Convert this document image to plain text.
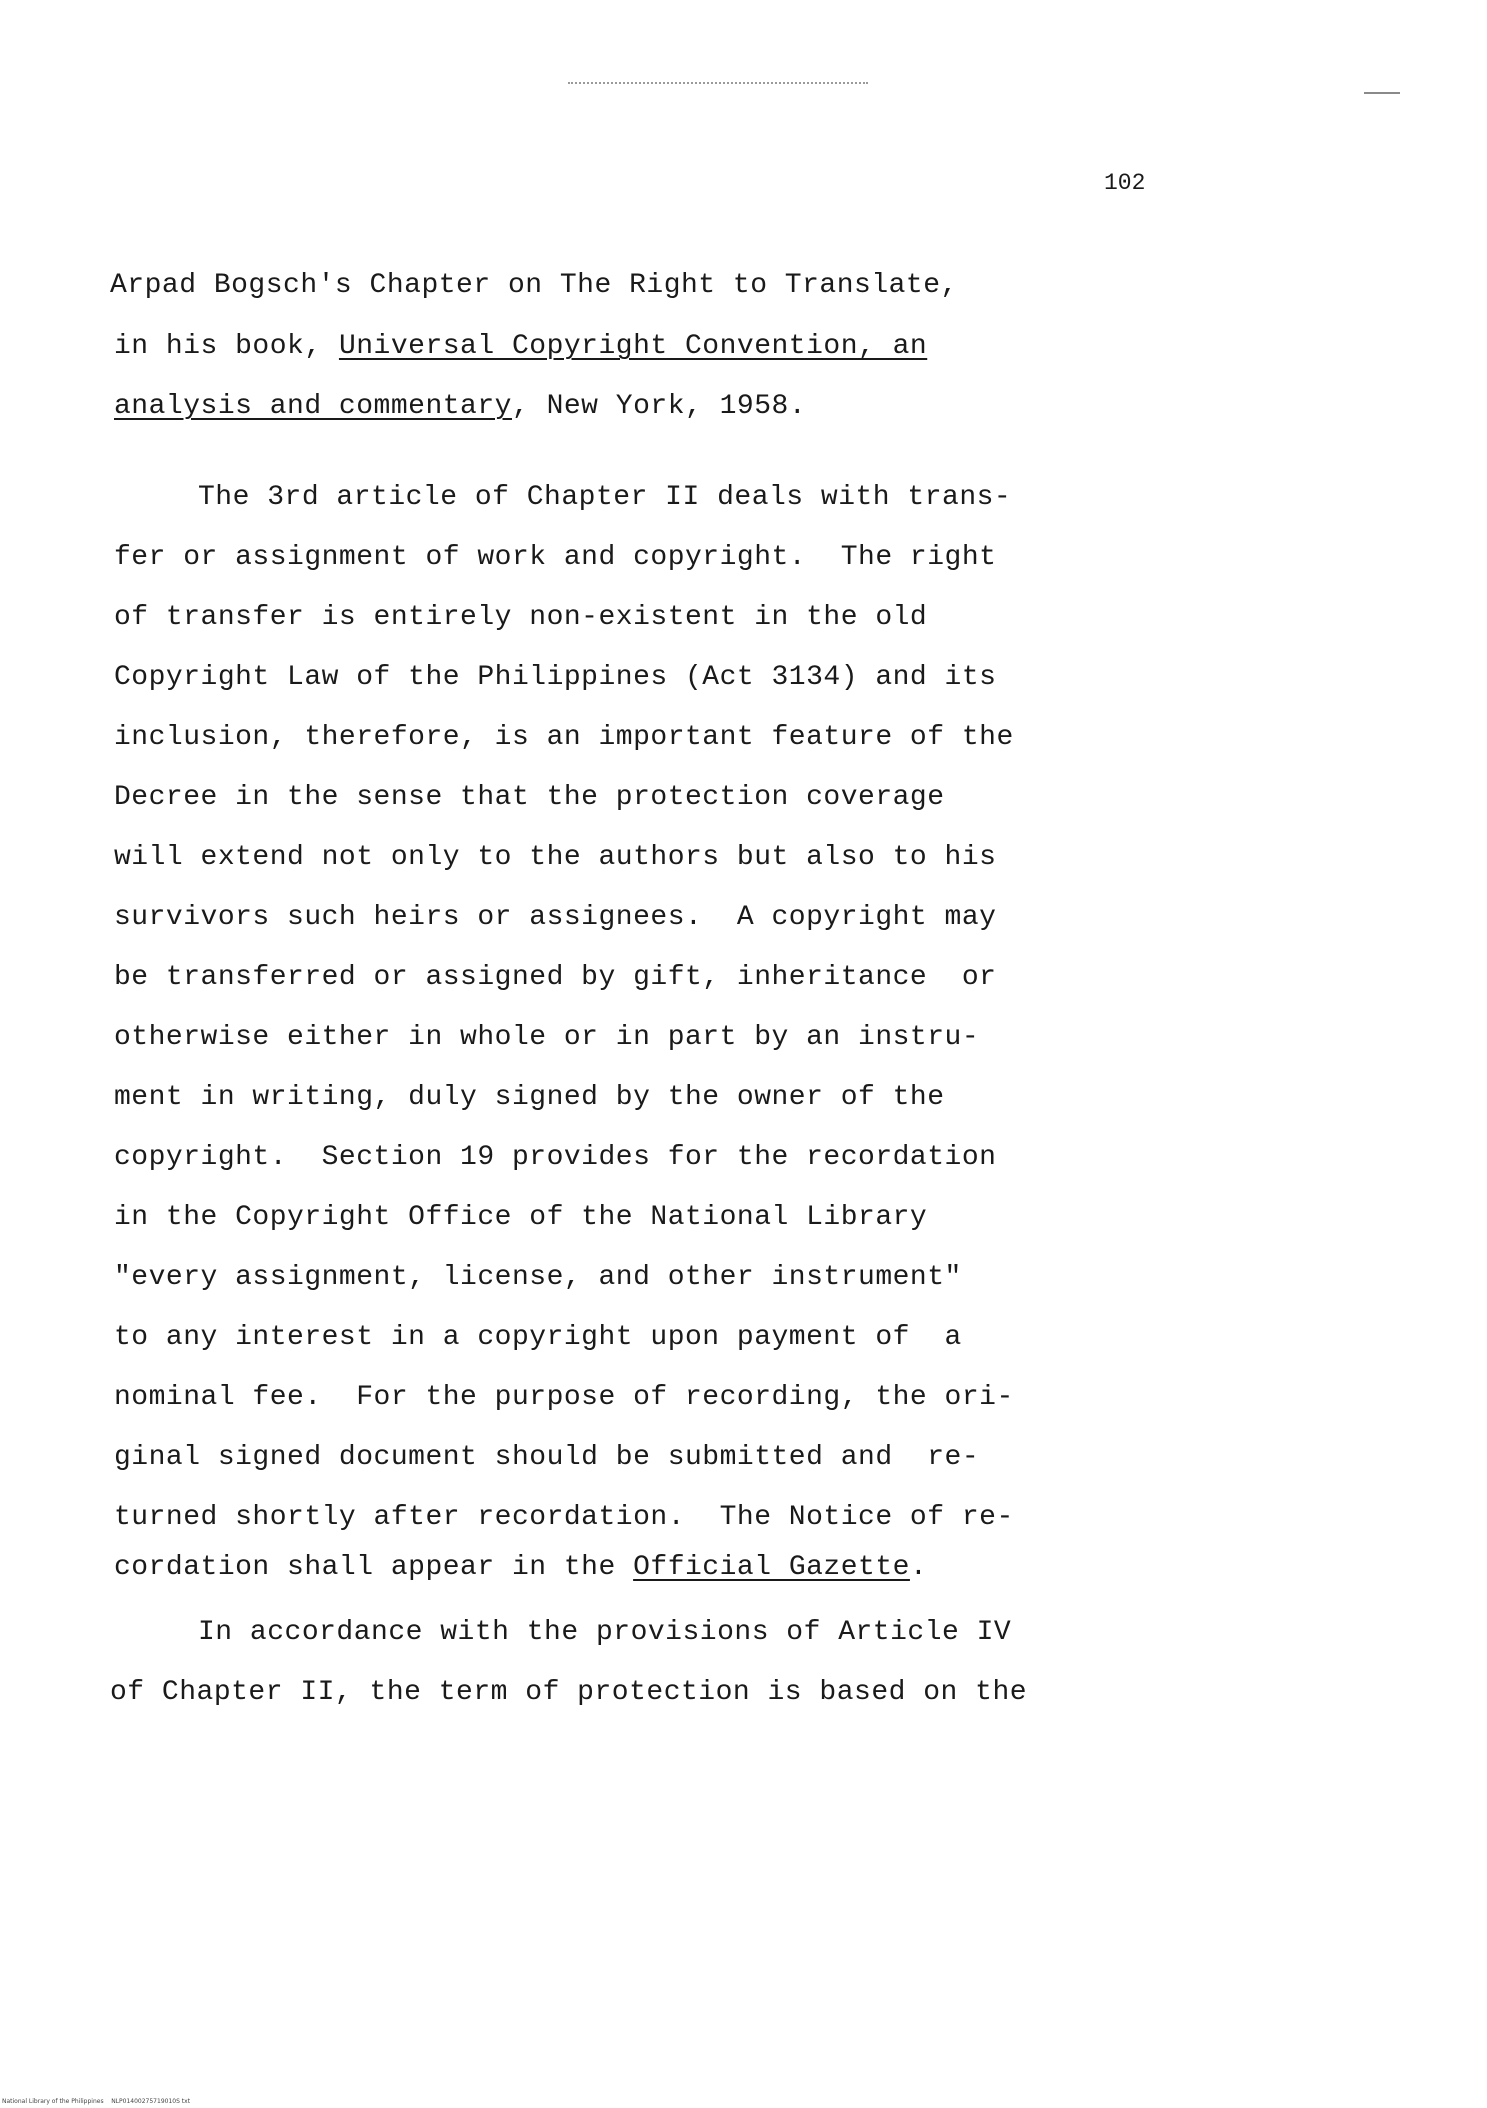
102
Arpad Bogsch's Chapter on The Right to Translate,
in his book, Universal Copyright Convention, an
analysis and commentary, New York, 1958.
The 3rd article of Chapter II deals with trans-
fer or assignment of work and copyright.  The right
of transfer is entirely non-existent in the old
Copyright Law of the Philippines (Act 3134) and its
inclusion, therefore, is an important feature of the
Decree in the sense that the protection coverage
will extend not only to the authors but also to his
survivors such heirs or assignees.  A copyright may
be transferred or assigned by gift, inheritance  or
otherwise either in whole or in part by an instru-
ment in writing, duly signed by the owner of the
copyright.  Section 19 provides for the recordation
in the Copyright Office of the National Library
"every assignment, license, and other instrument"
to any interest in a copyright upon payment of  a
nominal fee.  For the purpose of recording, the ori-
ginal signed document should be submitted and  re-
turned shortly after recordation.  The Notice of re-
cordation shall appear in the Official Gazette.
In accordance with the provisions of Article IV
of Chapter II, the term of protection is based on the
National Library of the Philippines    NLP01400275719010S txt
